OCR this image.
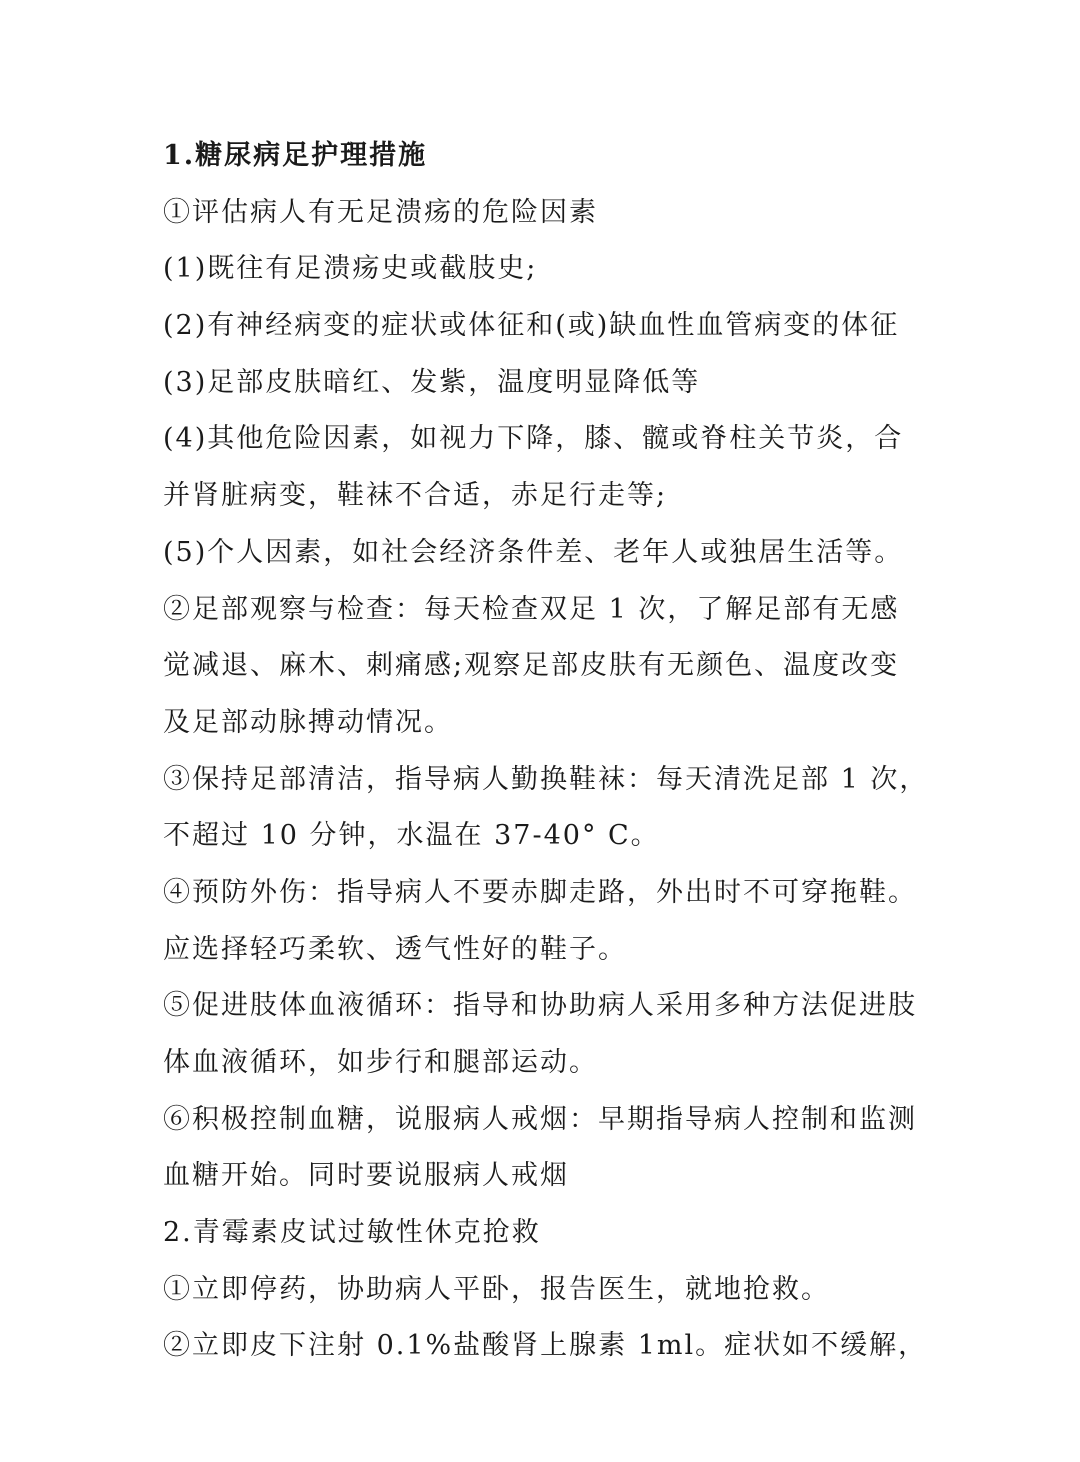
1.糖尿病足护理措施
①评估病人有无足溃疡的危险因素
(1)既往有足溃疡史或截肢史;
(2)有神经病变的症状或体征和(或)缺血性血管病变的体征
(3)足部皮肤暗红、发紫，温度明显降低等
(4)其他危险因素，如视力下降，膝、髋或脊柱关节炎，合
并肾脏病变，鞋袜不合适，赤足行走等;
(5)个人因素，如社会经济条件差、老年人或独居生活等。
②足部观察与检查：每天检查双足 1 次，了解足部有无感
觉减退、麻木、刺痛感;观察足部皮肤有无颜色、温度改变
及足部动脉搏动情况。
③保持足部清洁，指导病人勤换鞋袜：每天清洗足部 1 次，
不超过 10 分钟，水温在 37-40° C。
④预防外伤：指导病人不要赤脚走路，外出时不可穿拖鞋。
应选择轻巧柔软、透气性好的鞋子。
⑤促进肢体血液循环：指导和协助病人采用多种方法促进肢
体血液循环，如步行和腿部运动。
⑥积极控制血糖，说服病人戒烟：早期指导病人控制和监测
血糖开始。同时要说服病人戒烟
2.青霉素皮试过敏性休克抢救
①立即停药，协助病人平卧，报告医生，就地抢救。
②立即皮下注射 0.1%盐酸肾上腺素 1ml。症状如不缓解，
